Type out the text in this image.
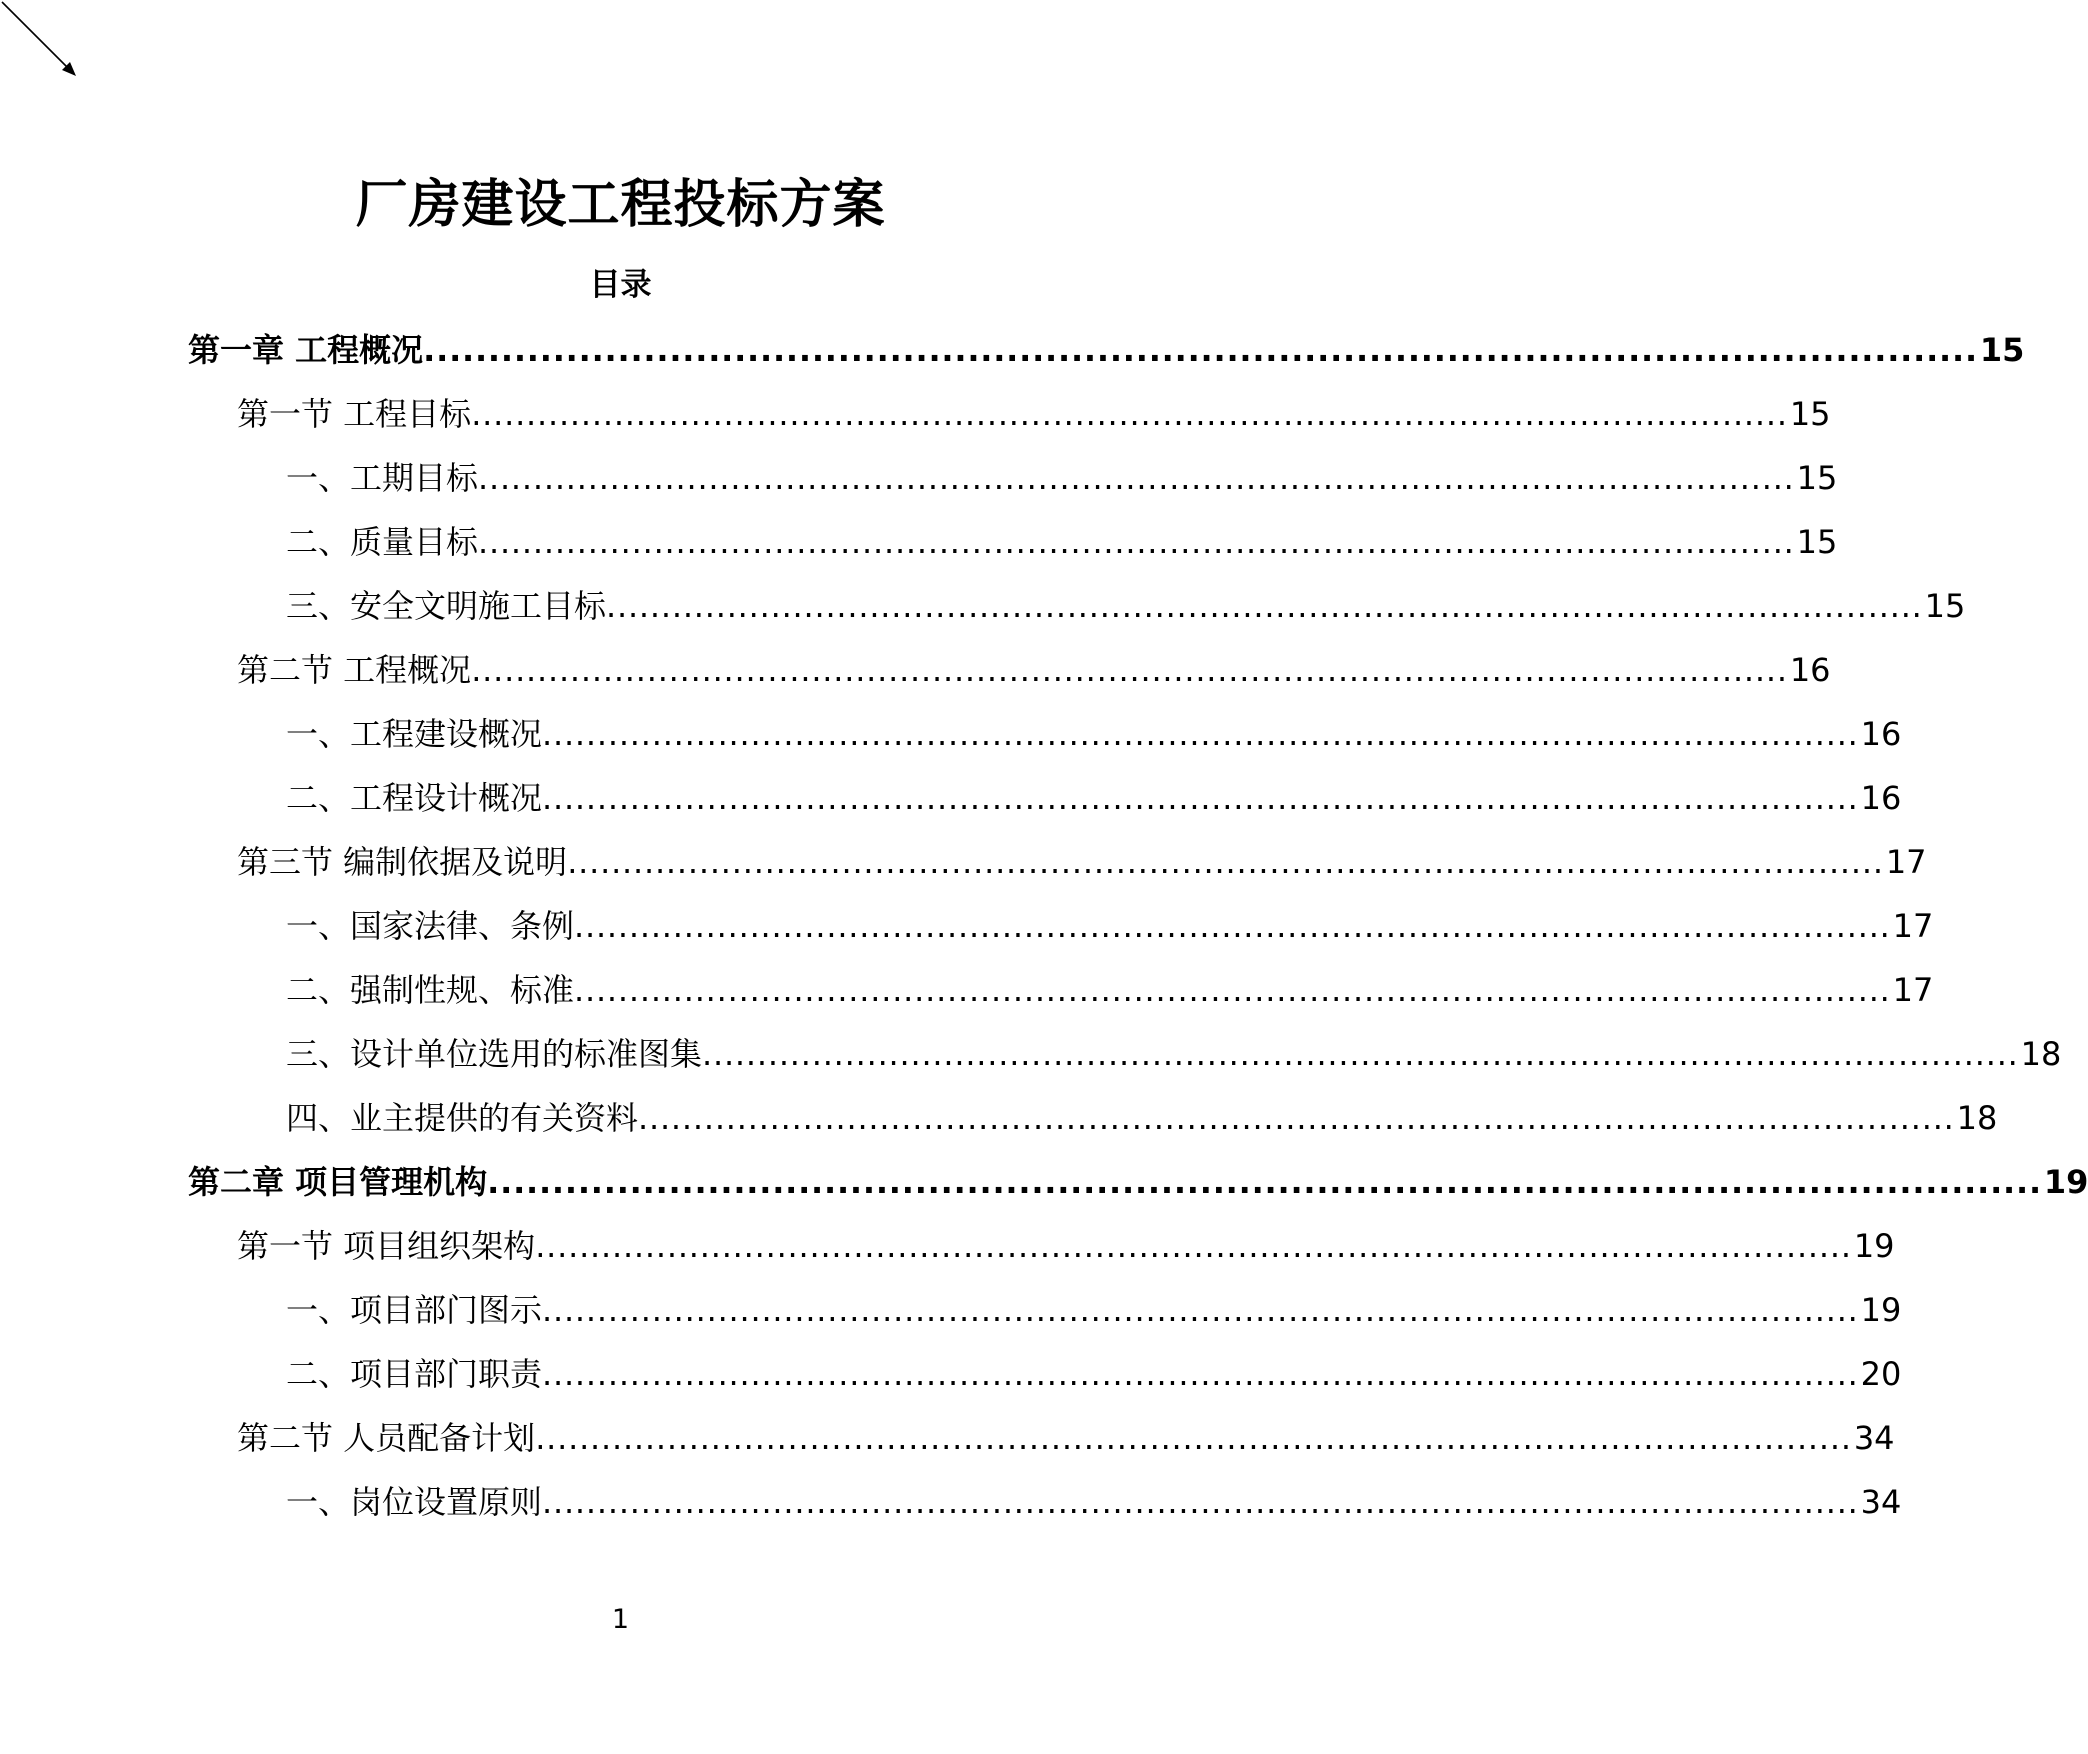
厂房建设工程投标方案
目录
第一章 工程概况 ........................................................................................................................ 15
第一节 工程目标 ........................................................................................................................ 15
一、工期目标 ........................................................................................................................ 15
二、质量目标 ........................................................................................................................ 15
三、安全文明施工目标 ........................................................................................................................ 15
第二节 工程概况 ........................................................................................................................ 16
一、工程建设概况 ........................................................................................................................ 16
二、工程设计概况 ........................................................................................................................ 16
第三节 编制依据及说明 ........................................................................................................................ 17
一、国家法律、条例 ........................................................................................................................ 17
二、强制性规、标准 ........................................................................................................................ 17
三、设计单位选用的标准图集 ........................................................................................................................ 18
四、业主提供的有关资料 ........................................................................................................................ 18
第二章 项目管理机构 ........................................................................................................................ 19
第一节 项目组织架构 ........................................................................................................................ 19
一、项目部门图示 ........................................................................................................................ 19
二、项目部门职责 ........................................................................................................................ 20
第二节 人员配备计划 ........................................................................................................................ 34
一、岗位设置原则 ........................................................................................................................ 34
1
